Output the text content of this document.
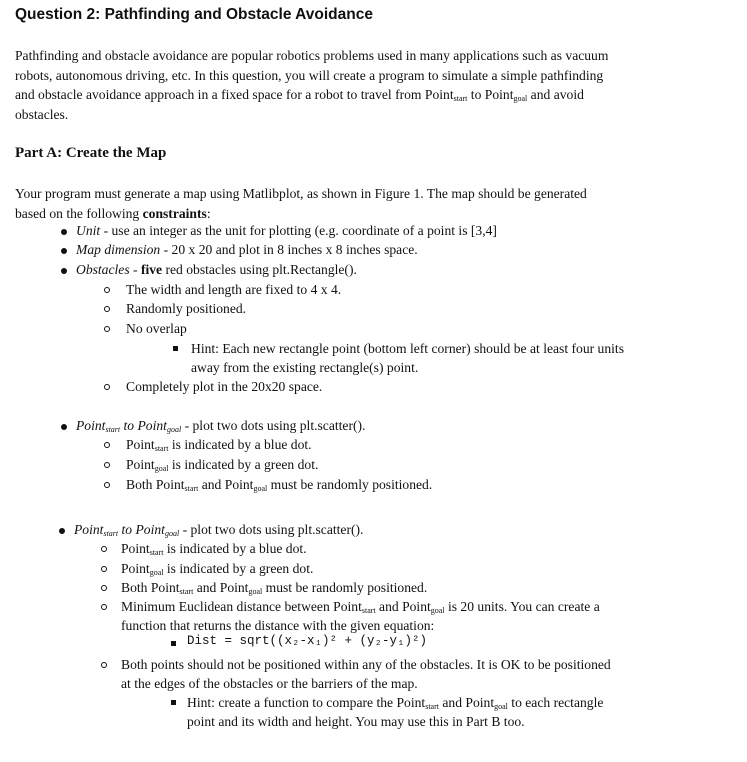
Question 2: Pathfinding and Obstacle Avoidance
Pathfinding and obstacle avoidance are popular robotics problems used in many applications such as vacuum
robots, autonomous driving, etc. In this question, you will create a program to simulate a simple pathfinding
and obstacle avoidance approach in a fixed space for a robot to travel from Point$_{start}$ to Point$_{goal}$ and avoid
obstacles.
Part A: Create the Map
Your program must generate a map using Matlibplot, as shown in Figure 1. The map should be generated
based on the following constraints:
Unit - use an integer as the unit for plotting (e.g. coordinate of a point is [3,4]
Map dimension - 20 x 20 and plot in 8 inches x 8 inches space.
Obstacles - five red obstacles using plt.Rectangle().
The width and length are fixed to 4 x 4.
Randomly positioned.
No overlap
Hint: Each new rectangle point (bottom left corner) should be at least four units
away from the existing rectangle(s) point.
Completely plot in the 20x20 space.
Point$_{start}$ to Point$_{goal}$ - plot two dots using plt.scatter().
Point$_{start}$ is indicated by a blue dot.
Point$_{goal}$ is indicated by a green dot.
Both Point$_{start}$ and Point$_{goal}$ must be randomly positioned.
Point$_{start}$ to Point$_{goal}$ - plot two dots using plt.scatter().
Point$_{start}$ is indicated by a blue dot.
Point$_{goal}$ is indicated by a green dot.
Both Point$_{start}$ and Point$_{goal}$ must be randomly positioned.
Minimum Euclidean distance between Point$_{start}$ and Point$_{goal}$ is 20 units. You can create a
function that returns the distance with the given equation:
Dist = sqrt((x₂-x₁)² + (y₂-y₁)²)
Both points should not be positioned within any of the obstacles. It is OK to be positioned
at the edges of the obstacles or the barriers of the map.
Hint: create a function to compare the Point$_{start}$ and Point$_{goal}$ to each rectangle
point and its width and height. You may use this in Part B too.
